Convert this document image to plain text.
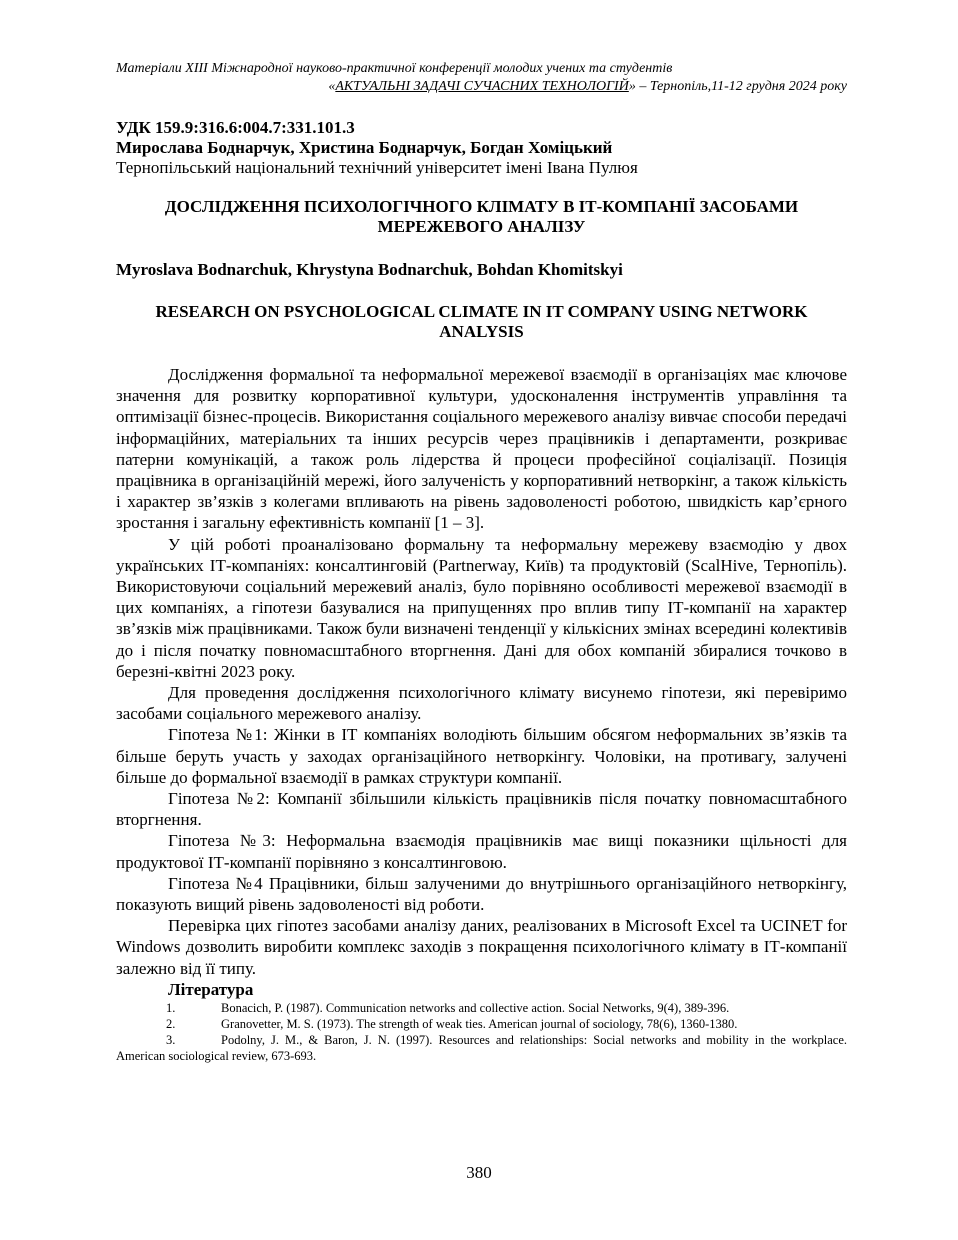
Матеріали XIII Міжнародної науково-практичної конференції молодих учених та студентів
«АКТУАЛЬНІ ЗАДАЧІ СУЧАСНИХ ТЕХНОЛОГІЙ» – Тернопіль,11-12 грудня 2024 року
УДК 159.9:316.6:004.7:331.101.3
Мирослава Боднарчук, Христина Боднарчук, Богдан Хоміцький
Тернопільський національний технічний університет імені Івана Пулюя
ДОСЛІДЖЕННЯ ПСИХОЛОГІЧНОГО КЛІМАТУ В ІТ-КОМПАНІЇ ЗАСОБАМИ
МЕРЕЖЕВОГО АНАЛІЗУ
Myroslava Bodnarchuk, Khrystyna Bodnarchuk, Bohdan Khomitskyi
RESEARCH ON PSYCHOLOGICAL CLIMATE IN IT COMPANY USING NETWORK
ANALYSIS

Дослідження формальної та неформальної мережевої взаємодії в організаціях має ключове значення для розвитку корпоративної культури, удосконалення інструментів управління та оптимізації бізнес-процесів. Використання соціального мережевого аналізу вивчає способи передачі інформаційних, матеріальних та інших ресурсів через працівників і департаменти, розкриває патерни комунікацій, а також роль лідерства й процеси професійної соціалізації. Позиція працівника в організаційній мережі, його залученість у корпоративний нетворкінг, а також кількість і характер зв’язків з колегами впливають на рівень задоволеності роботою, швидкість кар’єрного зростання і загальну ефективність компанії [1 – 3].

У цій роботі проаналізовано формальну та неформальну мережеву взаємодію у двох українських ІТ-компаніях: консалтинговій (Partnerway, Київ) та продуктовій (ScalHive, Тернопіль). Використовуючи соціальний мережевий аналіз, було порівняно особливості мережевої взаємодії в цих компаніях, а гіпотези базувалися на припущеннях про вплив типу ІТ-компанії на характер зв’язків між працівниками. Також були визначені тенденції у кількісних змінах всередині колективів до і після початку повномасштабного вторгнення. Дані для обох компаній збиралися точково в березні-квітні 2023 року.

Для проведення дослідження психологічного клімату висунемо гіпотези, які перевіримо засобами соціального мережевого аналізу.

Гіпотеза №1: Жінки в ІТ компаніях володіють більшим обсягом неформальних зв’язків та більше беруть участь у заходах організаційного нетворкінгу. Чоловіки, на противагу, залучені більше до формальної взаємодії в рамках структури компанії.

Гіпотеза №2: Компанії збільшили кількість працівників після початку повномасштабного вторгнення.

Гіпотеза №3: Неформальна взаємодія працівників має вищі показники щільності для продуктової ІТ-компанії порівняно з консалтинговою.

Гіпотеза №4 Працівники, більш залученими до внутрішнього організаційного нетворкінгу, показують вищий рівень задоволеності від роботи.

Перевірка цих гіпотез засобами аналізу даних, реалізованих в Microsoft Excel та UCINET for Windows дозволить виробити комплекс заходів з покращення психологічного клімату в ІТ-компанії залежно від її типу.

Література
1.	Bonacich, P. (1987). Communication networks and collective action. Social Networks, 9(4), 389-396.
2.	Granovetter, M. S. (1973). The strength of weak ties. American journal of sociology, 78(6), 1360-1380.
3.	Podolny, J. M., & Baron, J. N. (1997). Resources and relationships: Social networks and mobility in the workplace. American sociological review, 673-693.
380
